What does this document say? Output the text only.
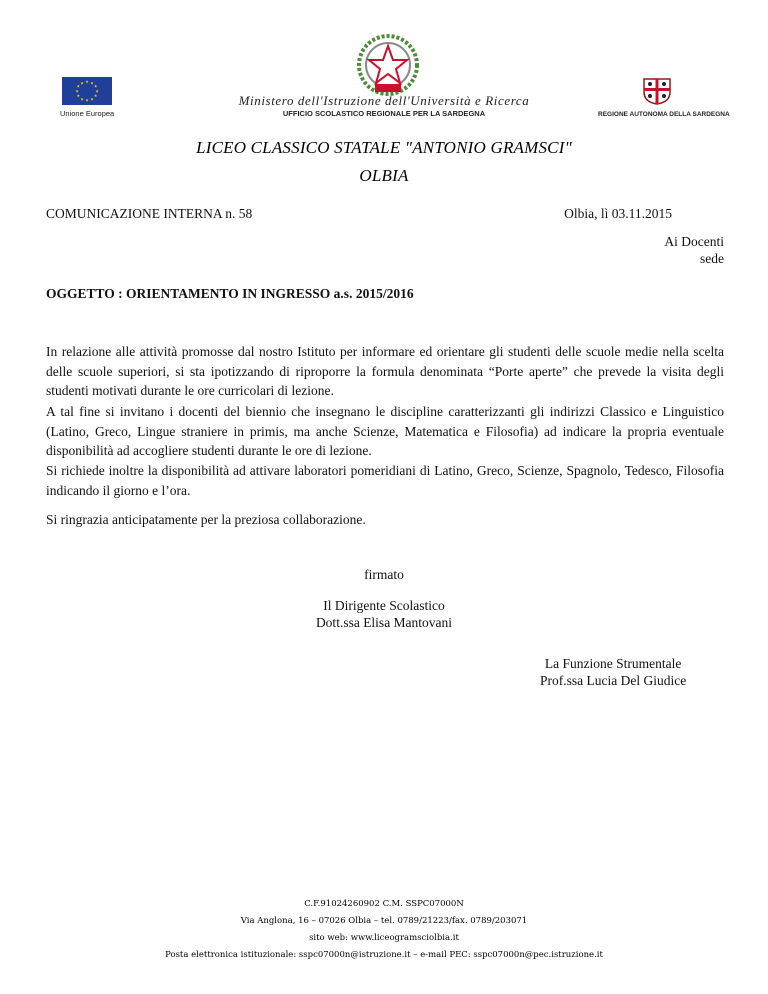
★ ★
★
★
★
★
★
★
★
★
★
★
Unione Europea
Ministero dell'Istruzione dell'Università e Ricerca
UFFICIO SCOLASTICO REGIONALE PER LA SARDEGNA	REGIONE AUTONOMA DELLA SARDEGNA
LICEO CLASSICO STATALE "ANTONIO GRAMSCI"
OLBIA
COMUNICAZIONE INTERNA n. 58	Olbia, lì 03.11.2015
Ai Docenti
sede
OGGETTO : ORIENTAMENTO IN INGRESSO a.s. 2015/2016
In relazione alle attività promosse dal nostro Istituto per informare ed orientare gli studenti delle scuole medie nella scelta delle scuole superiori, si sta ipotizzando di riproporre la formula denominata “Porte aperte” che prevede la visita degli studenti motivati durante le ore curricolari di lezione.
A tal fine si invitano i docenti del biennio che insegnano le discipline caratterizzanti gli indirizzi Classico e Linguistico (Latino, Greco, Lingue straniere in primis, ma anche Scienze, Matematica e Filosofia) ad indicare la propria eventuale disponibilità ad accogliere studenti durante le ore di lezione.
Si richiede inoltre la disponibilità ad attivare laboratori pomeridiani di Latino, Greco, Scienze, Spagnolo, Tedesco, Filosofia indicando il giorno e l’ora.
Si ringrazia anticipatamente per la preziosa collaborazione.
firmato
Il Dirigente Scolastico
Dott.ssa Elisa Mantovani
La Funzione Strumentale
Prof.ssa Lucia Del Giudice
C.F.91024260902 C.M. SSPC07000N
Via Anglona, 16 – 07026 Olbia – tel. 0789/21223/fax. 0789/203071
sito web: www.liceogramsciolbia.it
Posta elettronica istituzionale: sspc07000n@istruzione.it – e-mail PEC: sspc07000n@pec.istruzione.it
